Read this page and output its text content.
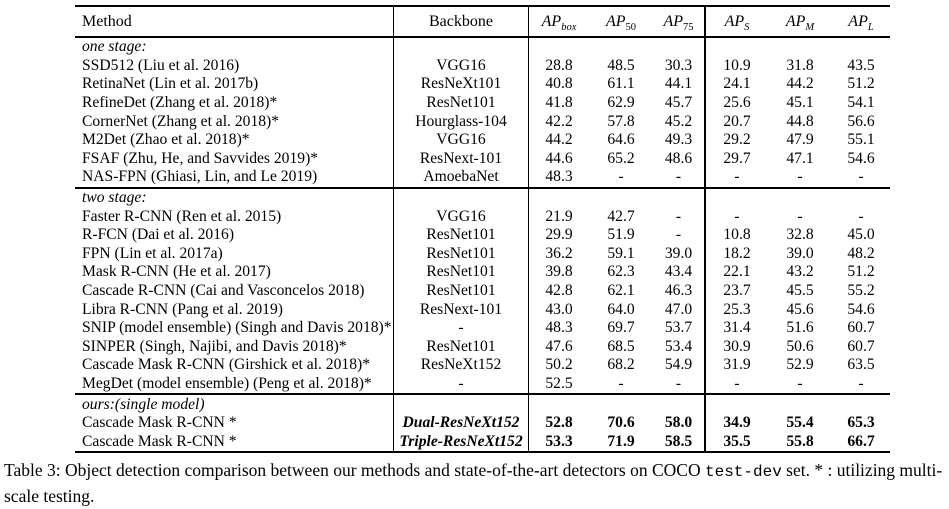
Method	Backbone	$AP_{box}$ $AP_{50}$ $AP_{75}$ $AP_S$ $AP_M$ $AP_L$
one stage:
SSD512 (Liu et al. 2016)	VGG16	28.8	48.5	30.3	10.9	31.8	43.5
RetinaNet (Lin et al. 2017b)	ResNeXt101	40.8	61.1	44.1	24.1	44.2	51.2
RefineDet (Zhang et al. 2018)*	ResNet101	41.8	62.9	45.7	25.6	45.1	54.1
CornerNet (Zhang et al. 2018)*	Hourglass-104	42.2	57.8	45.2	20.7	44.8	56.6
M2Det (Zhao et al. 2018)*	VGG16	44.2	64.6	49.3	29.2	47.9	55.1
FSAF (Zhu, He, and Savvides 2019)*	ResNext-101	44.6	65.2	48.6	29.7	47.1	54.6
NAS-FPN (Ghiasi, Lin, and Le 2019)	AmoebaNet	48.3	-	-	-	-	-
two stage:
Faster R-CNN (Ren et al. 2015)	VGG16	21.9	42.7	-	-	-	-
R-FCN (Dai et al. 2016)	ResNet101	29.9	51.9	-	10.8	32.8	45.0
FPN (Lin et al. 2017a)	ResNet101	36.2	59.1	39.0	18.2	39.0	48.2
Mask R-CNN (He et al. 2017)	ResNet101	39.8	62.3	43.4	22.1	43.2	51.2
Cascade R-CNN (Cai and Vasconcelos 2018)	ResNet101	42.8	62.1	46.3	23.7	45.5	55.2
Libra R-CNN (Pang et al. 2019)	ResNext-101	43.0	64.0	47.0	25.3	45.6	54.6
SNIP (model ensemble) (Singh and Davis 2018)*	-	48.3	69.7	53.7	31.4	51.6	60.7
SINPER (Singh, Najibi, and Davis 2018)*	ResNet101	47.6	68.5	53.4	30.9	50.6	60.7
Cascade Mask R-CNN (Girshick et al. 2018)*	ResNeXt152	50.2	68.2	54.9	31.9	52.9	63.5
MegDet (model ensemble) (Peng et al. 2018)*	-	52.5	-	-	-	-	-
ours:(single model)
Cascade Mask R-CNN *	Dual-ResNeXt152	52.8	70.6	58.0	34.9	55.4	65.3
Cascade Mask R-CNN *	Triple-ResNeXt152	53.3	71.9	58.5	35.5	55.8	66.7
Table 3: Object detection comparison between our methods and state-of-the-art detectors on COCO test-dev set. * : utilizing multi-scale testing.
